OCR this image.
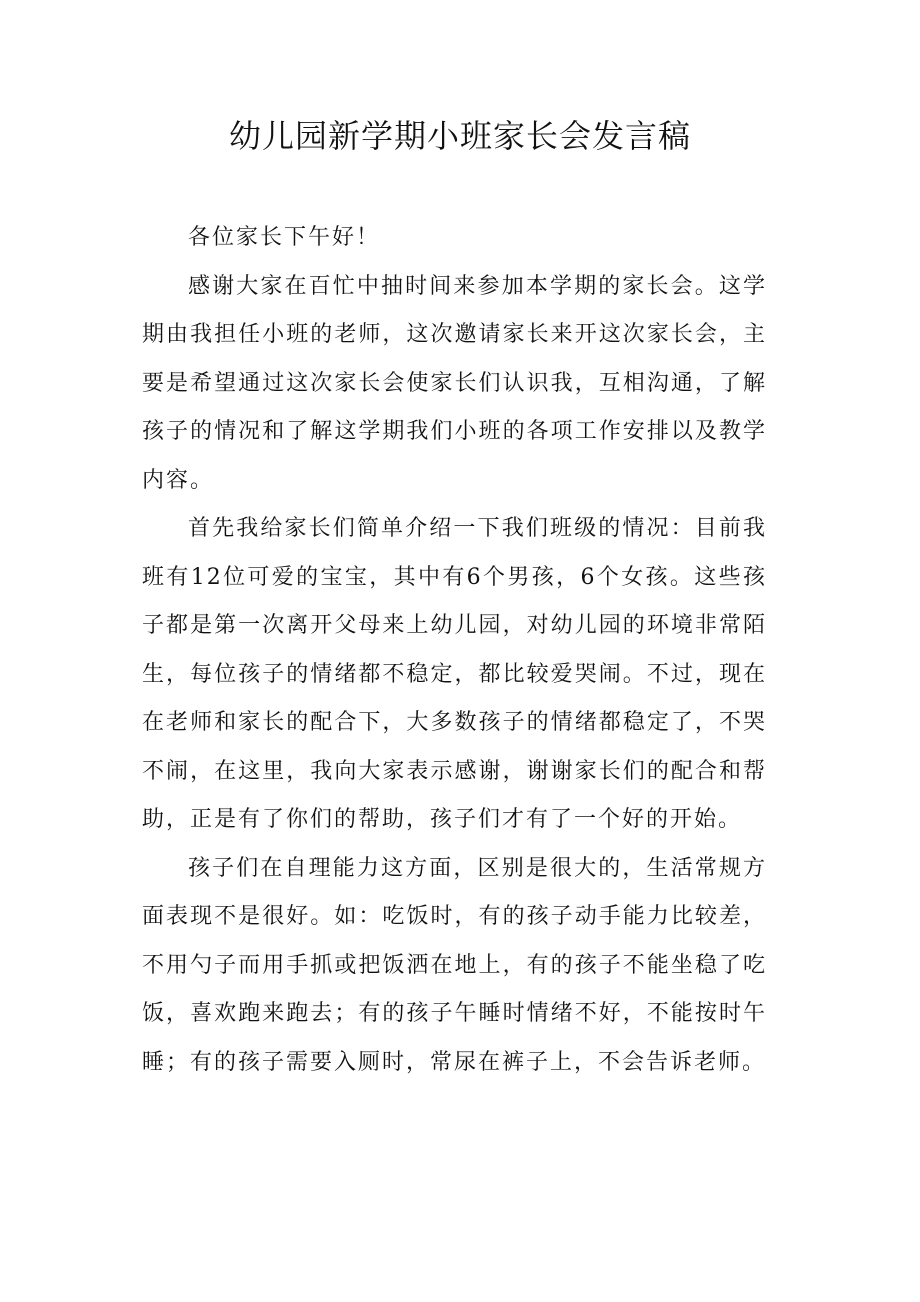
幼儿园新学期小班家长会发言稿

各位家长下午好！

感谢大家在百忙中抽时间来参加本学期的家长会。这学期由我担任小班的老师，这次邀请家长来开这次家长会，主要是希望通过这次家长会使家长们认识我，互相沟通，了解孩子的情况和了解这学期我们小班的各项工作安排以及教学内容。

首先我给家长们简单介绍一下我们班级的情况：目前我班有12位可爱的宝宝，其中有6个男孩，6个女孩。这些孩子都是第一次离开父母来上幼儿园，对幼儿园的环境非常陌生，每位孩子的情绪都不稳定，都比较爱哭闹。不过，现在在老师和家长的配合下，大多数孩子的情绪都稳定了，不哭不闹，在这里，我向大家表示感谢，谢谢家长们的配合和帮助，正是有了你们的帮助，孩子们才有了一个好的开始。

孩子们在自理能力这方面，区别是很大的，生活常规方面表现不是很好。如：吃饭时，有的孩子动手能力比较差，不用勺子而用手抓或把饭洒在地上，有的孩子不能坐稳了吃饭，喜欢跑来跑去；有的孩子午睡时情绪不好，不能按时午睡；有的孩子需要入厕时，常尿在裤子上，不会告诉老师。
